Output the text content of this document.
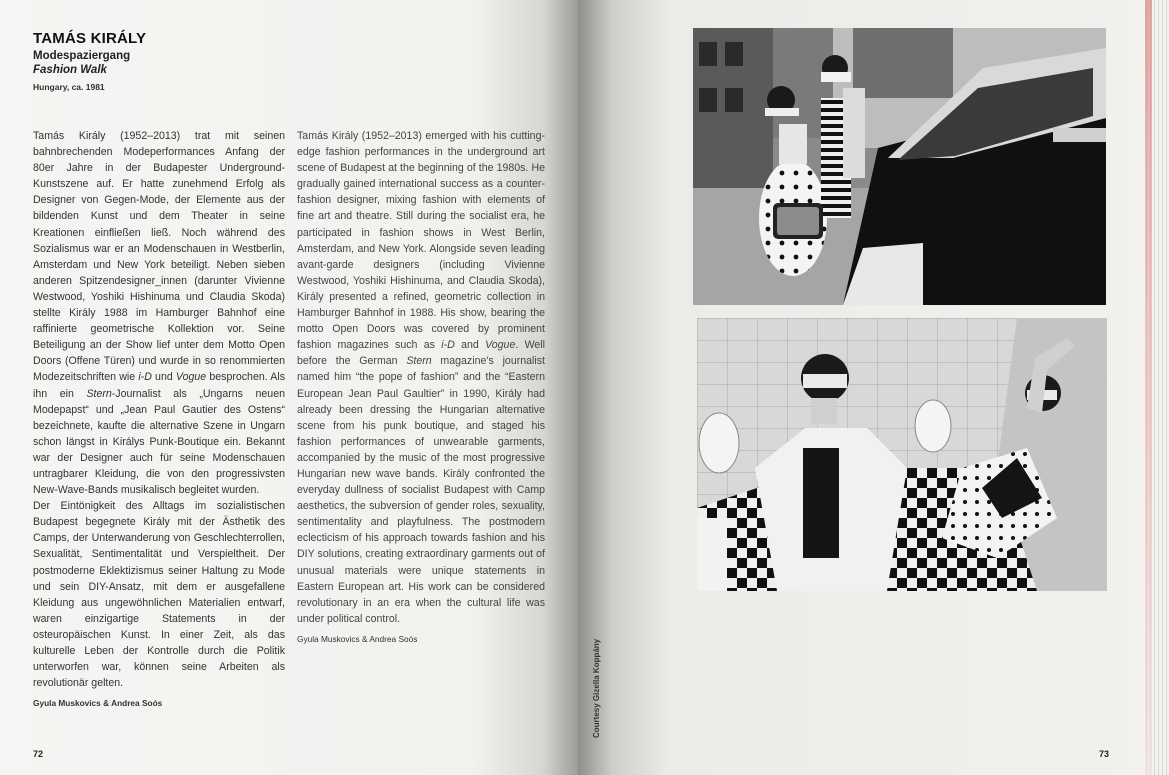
TAMÁS KIRÁLY
Modespaziergang
Fashion Walk
Hungary, ca. 1981

Tamás Király (1952–2013) trat mit seinen bahnbrechenden Modeperformances Anfang der 80er Jahre in der Budapester Underground-Kunstszene auf. Er hatte zunehmend Erfolg als Designer von Gegen-Mode, der Elemente aus der bildenden Kunst und dem Theater in seine Kreationen einfließen ließ. Noch während des Sozialismus war er an Modenschauen in Westberlin, Amsterdam und New York beteiligt. Neben sieben anderen Spitzendesigner_innen (darunter Vivienne Westwood, Yoshiki Hishinuma und Claudia Skoda) stellte Király 1988 im Hamburger Bahnhof eine raffinierte geometrische Kollektion vor. Seine Beteiligung an der Show lief unter dem Motto Open Doors (Offene Türen) und wurde in so renommierten Modezeitschriften wie i-D und Vogue besprochen. Als ihn ein Stern-Journalist als „Ungarns neuen Modepapst“ und „Jean Paul Gautier des Ostens“ bezeichnete, kaufte die alternative Szene in Ungarn schon längst in Királys Punk-Boutique ein. Bekannt war der Designer auch für seine Modenschauen untragbarer Kleidung, die von den progressivsten New-Wave-Bands musikalisch begleitet wurden.

Der Eintönigkeit des Alltags im sozialistischen Budapest begegnete Király mit der Ästhetik des Camps, der Unterwanderung von Geschlechterrollen, Sexualität, Sentimentalität und Verspieltheit. Der postmoderne Eklektizismus seiner Haltung zu Mode und sein DIY-Ansatz, mit dem er ausgefallene Kleidung aus ungewöhnlichen Materialien entwarf, waren einzigartige Statements in der osteuropäischen Kunst. In einer Zeit, als das kulturelle Leben der Kontrolle durch die Politik unterworfen war, können seine Arbeiten als revolutionär gelten.

Gyula Muskovics & Andrea Soós

Tamás Király (1952–2013) emerged with his cutting-edge fashion performances in the underground art scene of Budapest at the beginning of the 1980s. He gradually gained international success as a counter-fashion designer, mixing fashion with elements of fine art and theatre. Still during the socialist era, he participated in fashion shows in West Berlin, Amsterdam, and New York. Alongside seven leading avant-garde designers (including Vivienne Westwood, Yoshiki Hishinuma, and Claudia Skoda), Király presented a refined, geometric collection in Hamburger Bahnhof in 1988. His show, bearing the motto Open Doors was covered by prominent fashion magazines such as i-D and Vogue. Well before the German Stern magazine’s journalist named him “the pope of fashion” and the “Eastern European Jean Paul Gaultier” in 1990, Király had already been dressing the Hungarian alternative scene from his punk boutique, and staged his fashion performances of unwearable garments, accompanied by the music of the most progressive Hungarian new wave bands. Király confronted the everyday dullness of socialist Budapest with Camp aesthetics, the subversion of gender roles, sexuality, sentimentality and playfulness. The postmodern eclecticism of his approach towards fashion and his DIY solutions, creating extraordinary garments out of unusual materials were unique statements in Eastern European art. His work can be considered revolutionary in an era when the cultural life was under political control.

Gyula Muskovics & Andrea Soós
72	73
